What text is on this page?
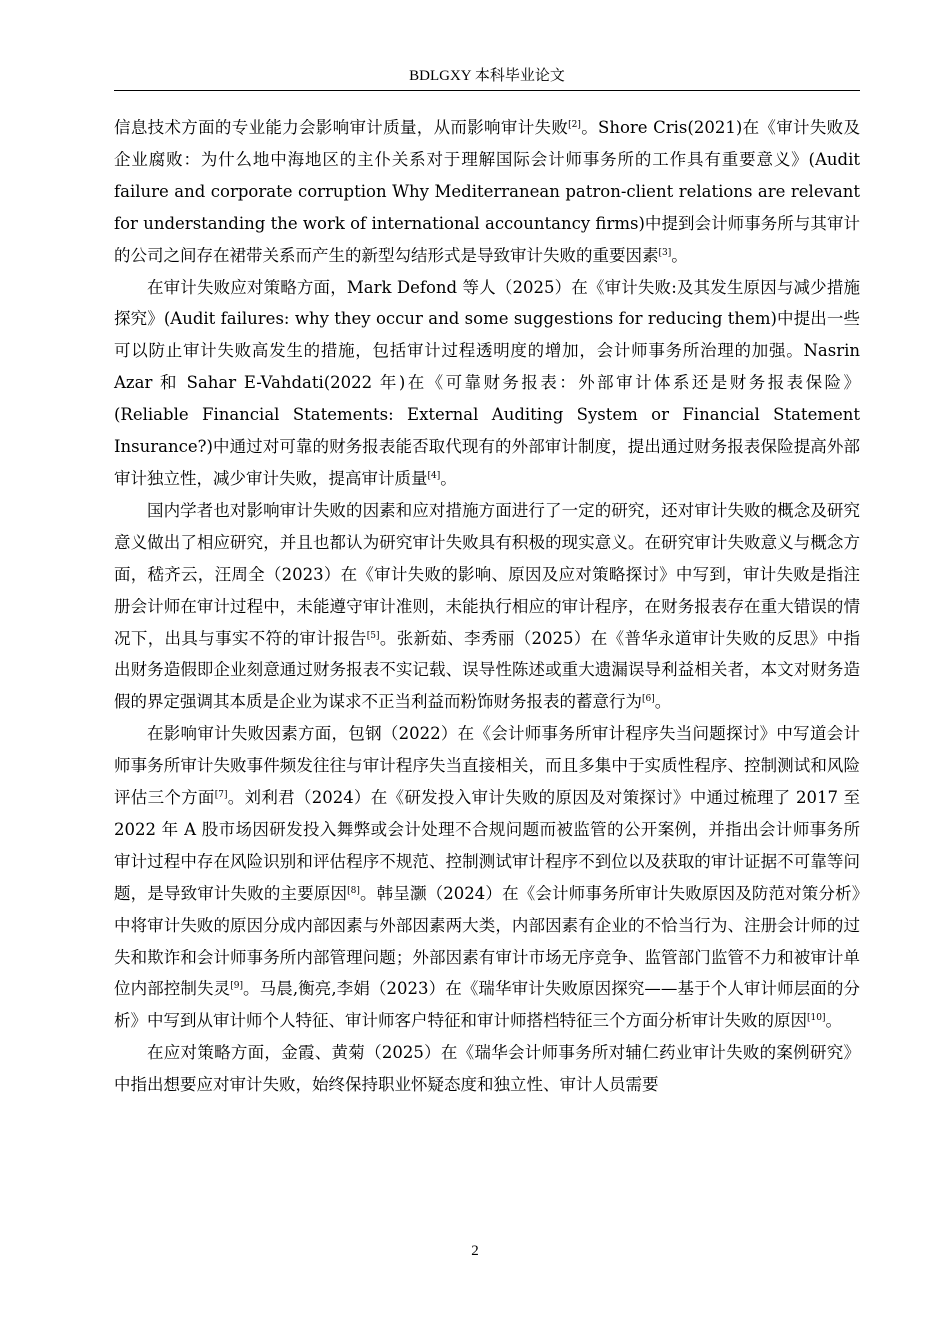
BDLGXY 本科毕业论文

信息技术方面的专业能力会影响审计质量，从而影响审计失败[2]。Shore Cris(2021)在《审计失败及企业腐败：为什么地中海地区的主仆关系对于理解国际会计师事务所的工作具有重要意义》(Audit failure and corporate corruption Why Mediterranean patron-client relations are relevant for understanding the work of international accountancy firms)中提到会计师事务所与其审计的公司之间存在裙带关系而产生的新型勾结形式是导致审计失败的重要因素[3]。

在审计失败应对策略方面，Mark Defond 等人（2025）在《审计失败:及其发生原因与减少措施探究》(Audit failures: why they occur and some suggestions for reducing them)中提出一些可以防止审计失败高发生的措施，包括审计过程透明度的增加，会计师事务所治理的加强。Nasrin Azar 和 Sahar E-Vahdati(2022 年)在《可靠财务报表：外部审计体系还是财务报表保险》(Reliable Financial Statements: External Auditing System or Financial Statement Insurance?)中通过对可靠的财务报表能否取代现有的外部审计制度，提出通过财务报表保险提高外部审计独立性，减少审计失败，提高审计质量[4]。

国内学者也对影响审计失败的因素和应对措施方面进行了一定的研究，还对审计失败的概念及研究意义做出了相应研究，并且也都认为研究审计失败具有积极的现实意义。在研究审计失败意义与概念方面，嵇齐云，汪周全（2023）在《审计失败的影响、原因及应对策略探讨》中写到，审计失败是指注册会计师在审计过程中，未能遵守审计准则，未能执行相应的审计程序，在财务报表存在重大错误的情况下，出具与事实不符的审计报告[5]。张新茹、李秀丽（2025）在《普华永道审计失败的反思》中指出财务造假即企业刻意通过财务报表不实记载、误导性陈述或重大遗漏误导利益相关者，本文对财务造假的界定强调其本质是企业为谋求不正当利益而粉饰财务报表的蓄意行为[6]。

在影响审计失败因素方面，包钢（2022）在《会计师事务所审计程序失当问题探讨》中写道会计师事务所审计失败事件频发往往与审计程序失当直接相关，而且多集中于实质性程序、控制测试和风险评估三个方面[7]。刘利君（2024）在《研发投入审计失败的原因及对策探讨》中通过梳理了 2017 至 2022 年 A 股市场因研发投入舞弊或会计处理不合规问题而被监管的公开案例，并指出会计师事务所审计过程中存在风险识别和评估程序不规范、控制测试审计程序不到位以及获取的审计证据不可靠等问题，是导致审计失败的主要原因[8]。韩呈灏（2024）在《会计师事务所审计失败原因及防范对策分析》中将审计失败的原因分成内部因素与外部因素两大类，内部因素有企业的不恰当行为、注册会计师的过失和欺诈和会计师事务所内部管理问题；外部因素有审计市场无序竞争、监管部门监管不力和被审计单位内部控制失灵[9]。马晨,衡亮,李娟（2023）在《瑞华审计失败原因探究——基于个人审计师层面的分析》中写到从审计师个人特征、审计师客户特征和审计师搭档特征三个方面分析审计失败的原因[10]。

在应对策略方面，金霞、黄菊（2025）在《瑞华会计师事务所对辅仁药业审计失败的案例研究》中指出想要应对审计失败，始终保持职业怀疑态度和独立性、审计人员需要

2
